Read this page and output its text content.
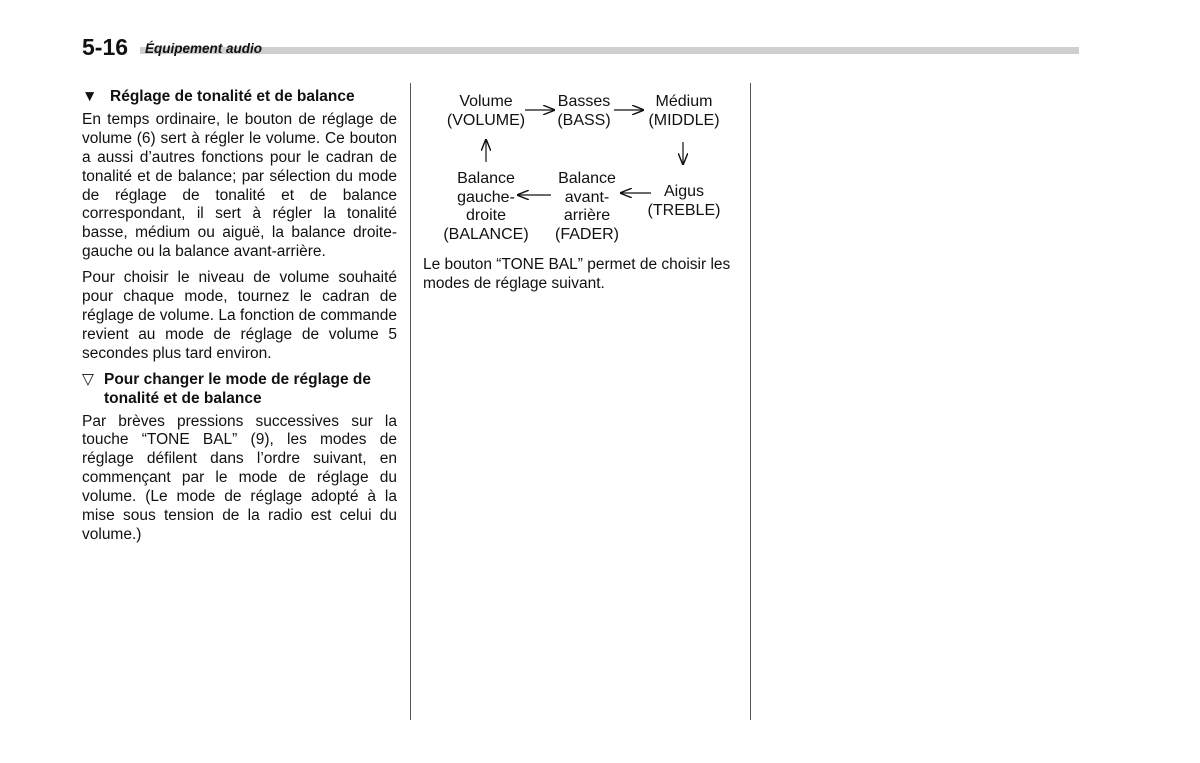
5-16 Équipement audio
▼ Réglage de tonalité et de balance

En temps ordinaire, le bouton de réglage de volume (6) sert à régler le volume. Ce bouton a aussi d’autres fonctions pour le cadran de tonalité et de balance; par sélection du mode de réglage de tonalité et de balance correspondant, il sert à régler la tonalité basse, médium ou aiguë, la balance droite-gauche ou la balance avant-arrière.

Pour choisir le niveau de volume souhaité pour chaque mode, tournez le cadran de réglage de volume. La fonction de commande revient au mode de réglage de volume 5 secondes plus tard environ.

▽ Pour changer le mode de réglage de tonalité et de balance

Par brèves pressions successives sur la touche “TONE BAL” (9), les modes de réglage défilent dans l’ordre suivant, en commençant par le mode de réglage du volume. (Le mode de réglage adopté à la mise sous tension de la radio est celui du volume.)

Volume
(VOLUME)
Basses
(BASS)
Médium
(MIDDLE)
Aigus
(TREBLE)
Balance
avant-
arrière
(FADER)
Balance
gauche-
droite
(BALANCE)

Le bouton “TONE BAL” permet de choisir les modes de réglage suivant.
